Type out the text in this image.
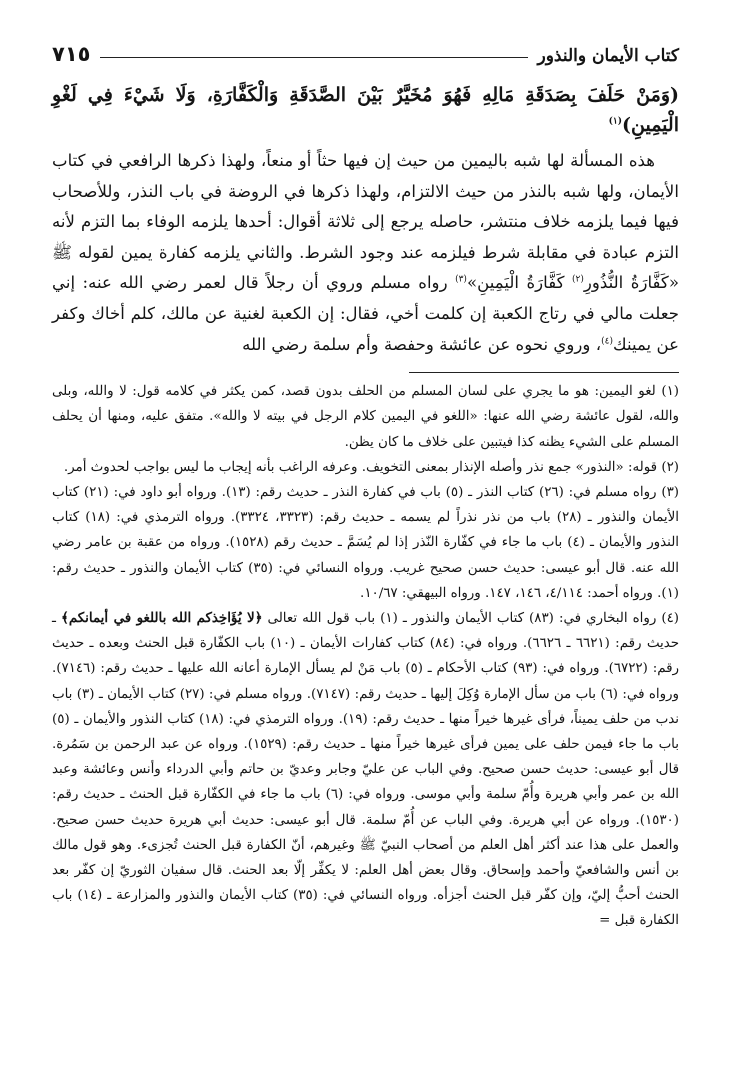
كتاب الأيمان والنذور
٧١٥
(وَمَنْ حَلَفَ بِصَدَقَةِ مَالِهِ فَهُوَ مُخَيَّرٌ بَيْنَ الصَّدَقَةِ وَالْكَفَّارَةِ، وَلَا شَيْءَ فِي لَغْوِ الْيَمِينِ)$^{(١)}$

هذه المسألة لها شبه باليمين من حيث إن فيها حثاً أو منعاً، ولهذا ذكرها الرافعي في كتاب الأيمان، ولها شبه بالنذر من حيث الالتزام، ولهذا ذكرها في الروضة في باب النذر، وللأصحاب فيها فيما يلزمه خلاف منتشر، حاصله يرجع إلى ثلاثة أقوال: أحدها يلزمه الوفاء بما التزم لأنه التزم عبادة في مقابلة شرط فيلزمه عند وجود الشرط. والثاني يلزمه كفارة يمين لقوله ﷺ «كَفَّارَةُ النُّذُورِ$^{(٢)}$ كَفَّارَةُ الْيَمِينِ»$^{(٣)}$ رواه مسلم وروي أن رجلاً قال لعمر رضي الله عنه: إني جعلت مالي في رتاج الكعبة إن كلمت أخي، فقال: إن الكعبة لغنية عن مالك، كلم أخاك وكفر عن يمينك$^{(٤)}$، وروي نحوه عن عائشة وحفصة وأم سلمة رضي الله

(١) لغو اليمين: هو ما يجري على لسان المسلم من الحلف بدون قصد، كمن يكثر في كلامه قول: لا والله، وبلى والله، لقول عائشة رضي الله عنها: «اللغو في اليمين كلام الرجل في بيته لا والله». متفق عليه، ومنها أن يحلف المسلم على الشيء يظنه كذا فيتبين على خلاف ما كان يظن.

(٢) قوله: «النذور» جمع نذر وأصله الإنذار بمعنى التخويف. وعرفه الراغب بأنه إيجاب ما ليس بواجب لحدوث أمر.

(٣) رواه مسلم في: (٢٦) كتاب النذر ـ (٥) باب في كفارة النذر ـ حديث رقم: (١٣). ورواه أبو داود في: (٢١) كتاب الأيمان والنذور ـ (٢٨) باب من نذر نذراً لم يسمه ـ حديث رقم: (٣٣٢٣، ٣٣٢٤). ورواه الترمذي في: (١٨) كتاب النذور والأيمان ـ (٤) باب ما جاء في كفّارة النّذر إذا لم يُسَمَّ ـ حديث رقم (١٥٢٨). ورواه من عقبة بن عامر رضي الله عنه. قال أبو عيسى: حديث حسن صحيح غريب. ورواه النسائي في: (٣٥) كتاب الأيمان والنذور ـ حديث رقم: (١). ورواه أحمد: ٤/١١٤، ١٤٦، ١٤٧. ورواه البيهقي: ١٠/٦٧.

(٤) رواه البخاري في: (٨٣) كتاب الأيمان والنذور ـ (١) باب قول الله تعالى ﴿لا يُؤَاخِذكم الله باللغو في أيمانكم﴾ ـ حديث رقم: (٦٦٢١ ـ ٦٦٢٦). ورواه في: (٨٤) كتاب كفارات الأيمان ـ (١٠) باب الكفّارة قبل الحنث وبعده ـ حديث رقم: (٦٧٢٢). ورواه في: (٩٣) كتاب الأحكام ـ (٥) باب مَنْ لم يسأل الإمارة أعانه الله عليها ـ حديث رقم: (٧١٤٦). ورواه في: (٦) باب من سأل الإمارة وُكِلَ إليها ـ حديث رقم: (٧١٤٧). ورواه مسلم في: (٢٧) كتاب الأيمان ـ (٣) باب ندب من حلف يميناً، فرأى غيرها خيراً منها ـ حديث رقم: (١٩). ورواه الترمذي في: (١٨) كتاب النذور والأيمان ـ (٥) باب ما جاء فيمن حلف على يمين فرأى غيرها خيراً منها ـ حديث رقم: (١٥٢٩). ورواه عن عبد الرحمن بن سَمُرة. قال أبو عيسى: حديث حسن صحيح. وفي الباب عن عليّ وجابر وعديّ بن حاتم وأبي الدرداء وأنس وعائشة وعبد الله بن عمر وأبي هريرة وأُمّ سلمة وأبي موسى. ورواه في: (٦) باب ما جاء في الكفّارة قبل الحنث ـ حديث رقم: (١٥٣٠). ورواه عن أبي هريرة. وفي الباب عن أُمّ سلمة. قال أبو عيسى: حديث أبي هريرة حديث حسن صحيح. والعمل على هذا عند أكثر أهل العلم من أصحاب النبيّ ﷺ وغيرهم، أنّ الكفارة قبل الحنث تُجزىء. وهو قول مالك بن أنس والشافعيّ وأحمد وإسحاق. وقال بعض أهل العلم: لا يكفِّر إلّا بعد الحنث. قال سفيان الثوريّ إن كفّر بعد الحنث أحبُّ إليّ، وإن كفّر قبل الحنث أجزأه. ورواه النسائي في: (٣٥) كتاب الأيمان والنذور والمزارعة ـ (١٤) باب الكفارة قبل =
